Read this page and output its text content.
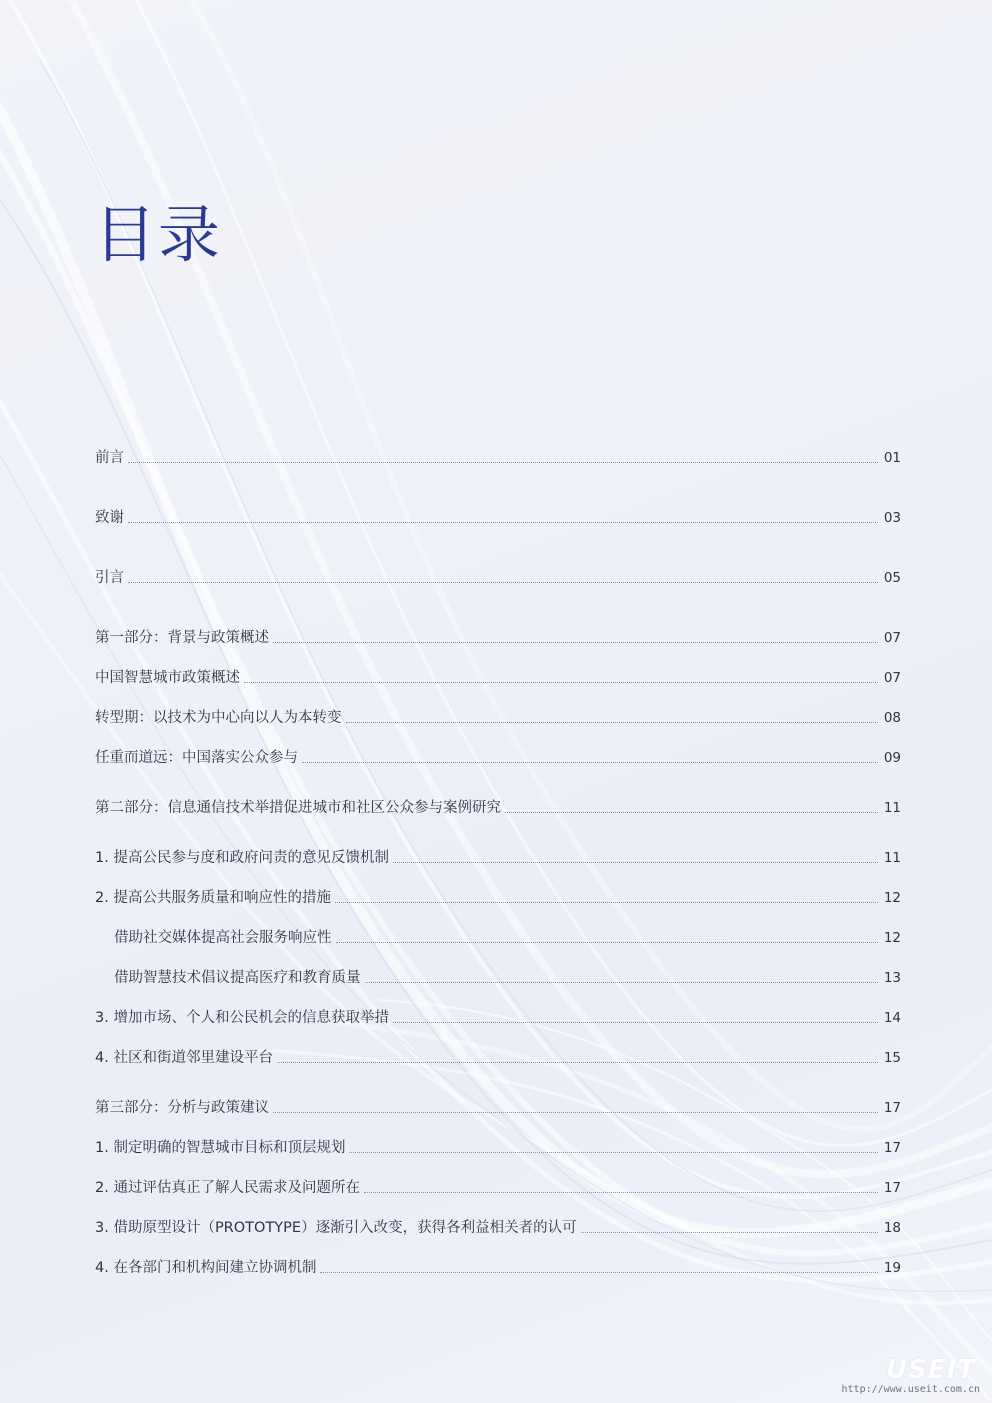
目录
前言	01
致谢	03
引言	05
第一部分：背景与政策概述	07
中国智慧城市政策概述	07
转型期：以技术为中心向以人为本转变	08
任重而道远：中国落实公众参与	09
第二部分：信息通信技术举措促进城市和社区公众参与案例研究	11
1. 提高公民参与度和政府问责的意见反馈机制	11
2. 提高公共服务质量和响应性的措施	12
借助社交媒体提高社会服务响应性	12
借助智慧技术倡议提高医疗和教育质量	13
3. 增加市场、个人和公民机会的信息获取举措	14
4. 社区和街道邻里建设平台	15
第三部分：分析与政策建议	17
1. 制定明确的智慧城市目标和顶层规划	17
2. 通过评估真正了解人民需求及问题所在	17
3. 借助原型设计（PROTOTYPE）逐渐引入改变，获得各利益相关者的认可	18
4. 在各部门和机构间建立协调机制	19
USEIT
http://www.useit.com.cn
